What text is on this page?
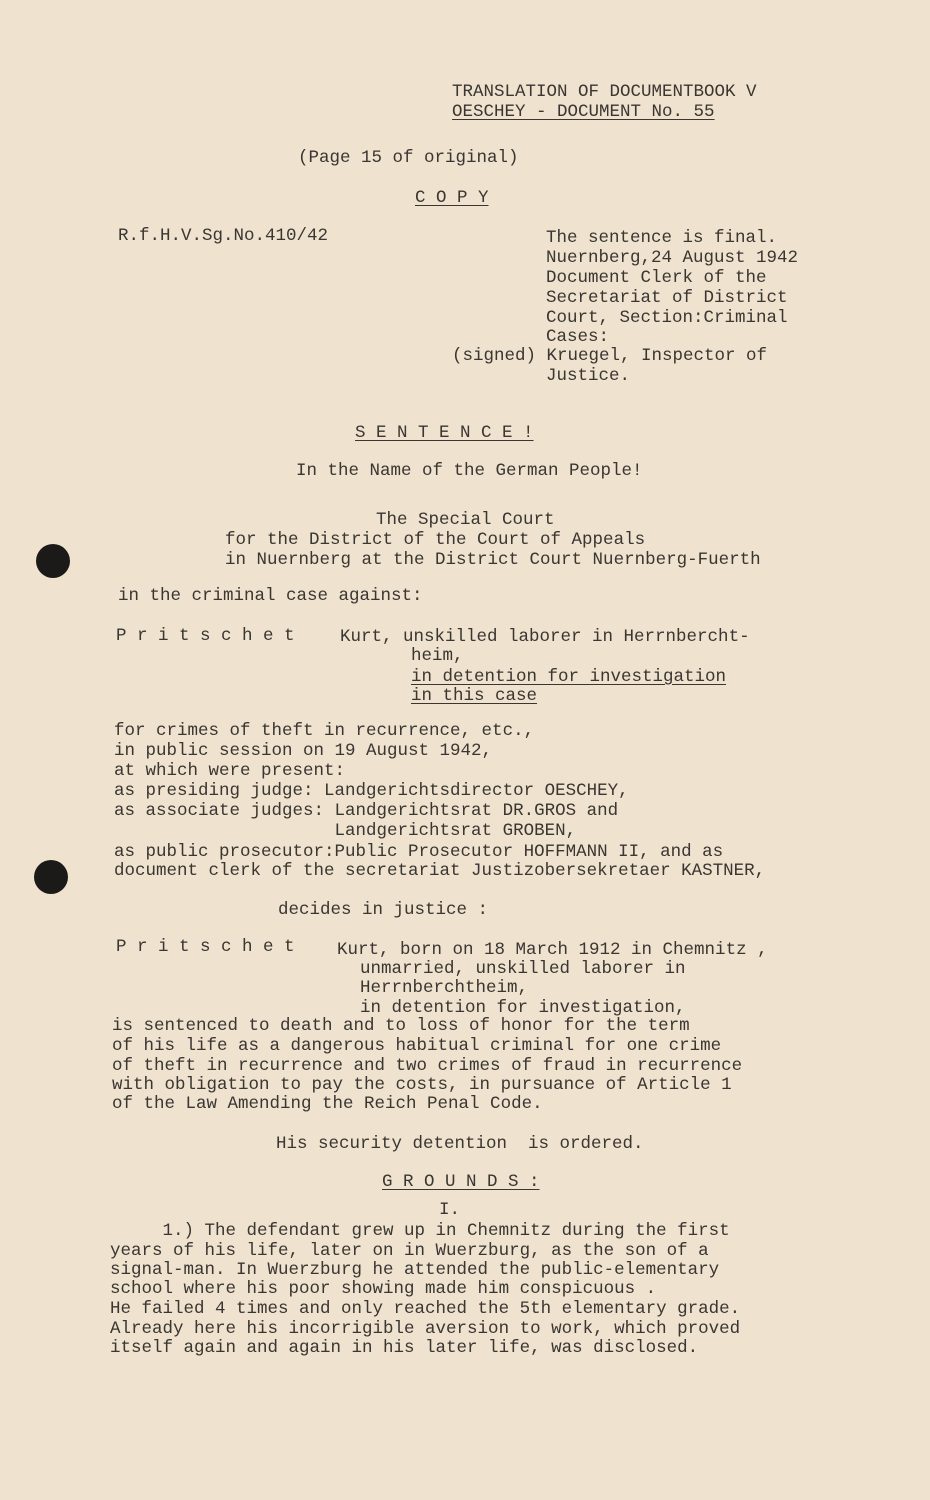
TRANSLATION OF DOCUMENTBOOK V
OESCHEY - DOCUMENT No. 55
(Page 15 of original)
C O P Y
R.f.H.V.Sg.No.410/42	The sentence is final.
Nuernberg,24 August 1942
Document Clerk of the
Secretariat of District
Court, Section:Criminal
Cases:
(signed) Kruegel, Inspector of
Justice.
S E N T E N C E !
In the Name of the German People!
The Special Court
for the District of the Court of Appeals
in Nuernberg at the District Court Nuernberg-Fuerth
in the criminal case against:
P r i t s c h e t	Kurt, unskilled laborer in Herrnbercht-
heim,
in detention for investigation
in this case
for crimes of theft in recurrence, etc.,
in public session on 19 August 1942,
at which were present:
as presiding judge: Landgerichtsdirector OESCHEY,
as associate judges: Landgerichtsrat DR.GROS and
Landgerichtsrat GROBEN,
as public prosecutor:Public Prosecutor HOFFMANN II, and as
document clerk of the secretariat Justizobersekretaer KASTNER,
decides in justice :
P r i t s c h e t Kurt, born on 18 March 1912 in Chemnitz ,
unmarried, unskilled laborer in
Herrnberchtheim,
in detention for investigation,
is sentenced to death and to loss of honor for the term
of his life as a dangerous habitual criminal for one crime
of theft in recurrence and two crimes of fraud in recurrence
with obligation to pay the costs, in pursuance of Article 1
of the Law Amending the Reich Penal Code.
His security detention  is ordered.
G R O U N D S :
I.
1.) The defendant grew up in Chemnitz during the first
years of his life, later on in Wuerzburg, as the son of a
signal-man. In Wuerzburg he attended the public-elementary
school where his poor showing made him conspicuous .
He failed 4 times and only reached the 5th elementary grade.
Already here his incorrigible aversion to work, which proved
itself again and again in his later life, was disclosed.
